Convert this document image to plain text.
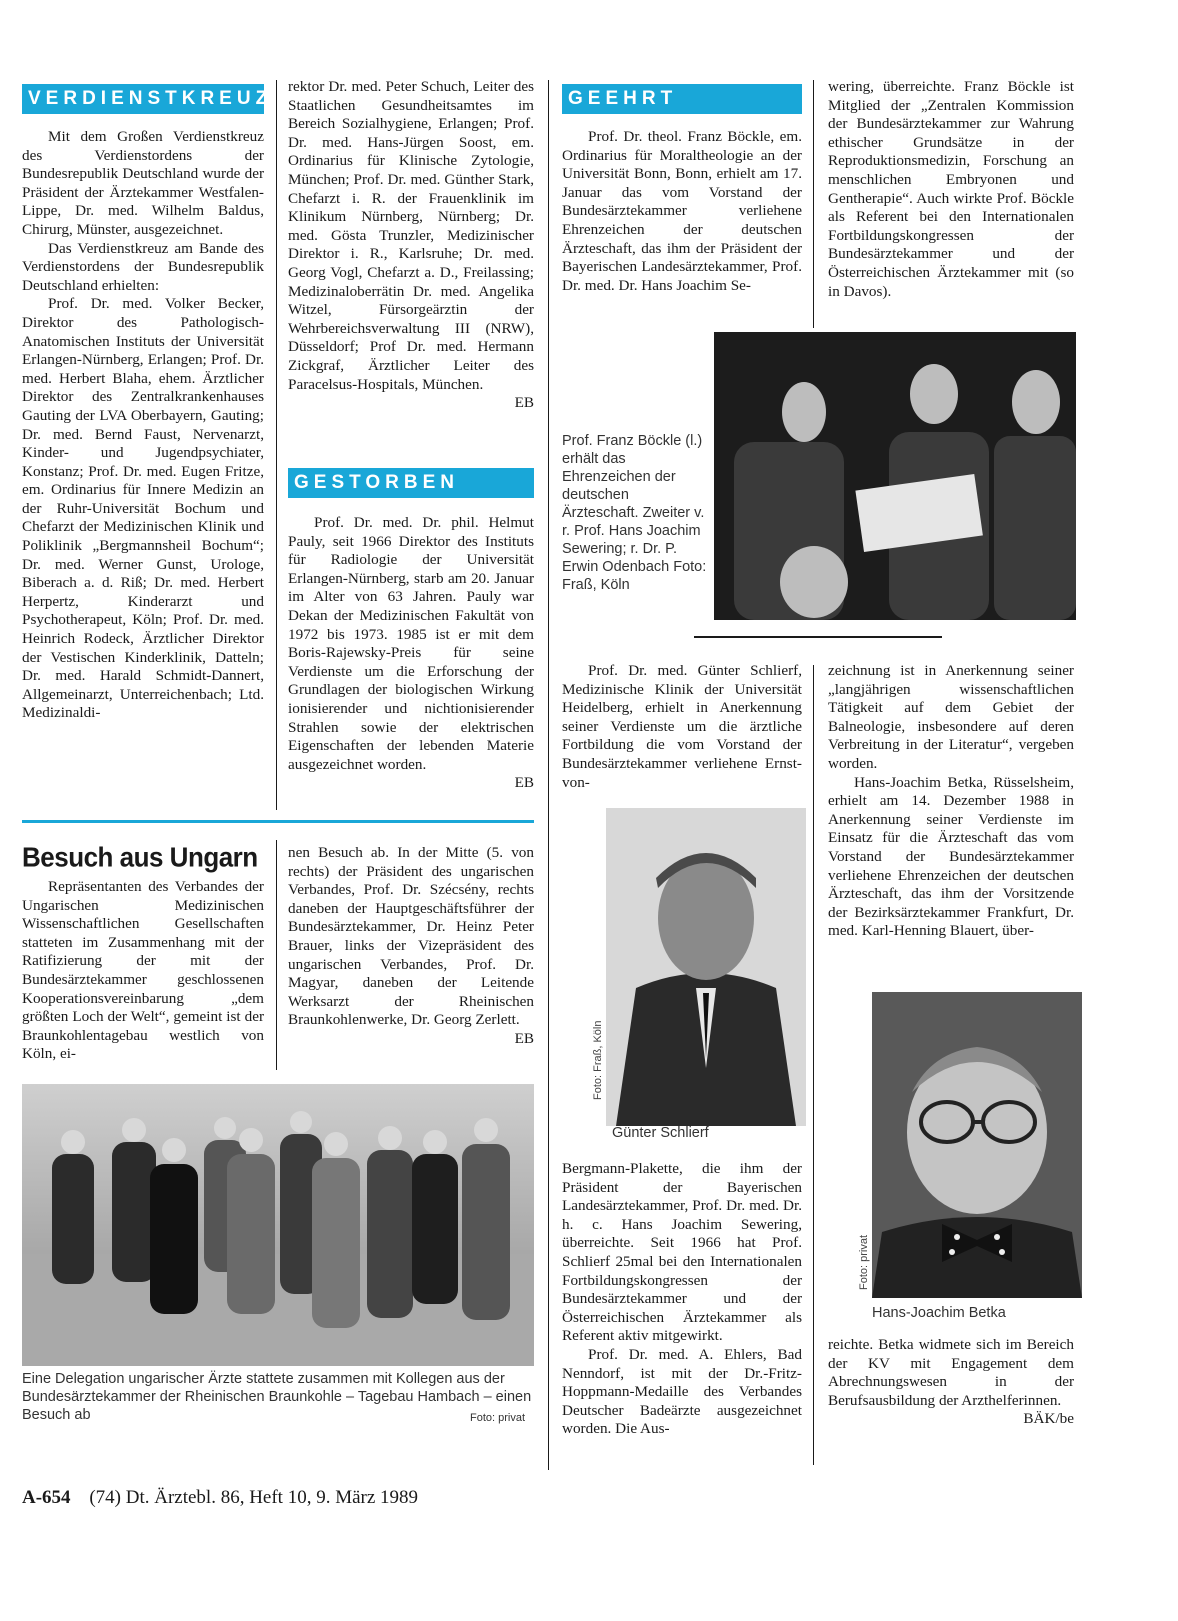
VERDIENSTKREUZ

Mit dem Großen Verdienstkreuz des Verdienstordens der Bundesrepublik Deutschland wurde der Präsident der Ärztekammer Westfalen-Lippe, Dr. med. Wilhelm Baldus, Chirurg, Münster, ausgezeichnet.

Das Verdienstkreuz am Bande des Verdienstordens der Bundesrepublik Deutschland erhielten:

Prof. Dr. med. Volker Becker, Direktor des Pathologisch-Anatomischen Instituts der Universität Erlangen-Nürnberg, Erlangen; Prof. Dr. med. Herbert Blaha, ehem. Ärztlicher Direktor des Zentralkrankenhauses Gauting der LVA Oberbayern, Gauting; Dr. med. Bernd Faust, Nervenarzt, Kinder- und Jugendpsychiater, Konstanz; Prof. Dr. med. Eugen Fritze, em. Ordinarius für Innere Medizin an der Ruhr-Universität Bochum und Chefarzt der Medizinischen Klinik und Poliklinik „Bergmannsheil Bochum“; Dr. med. Werner Gunst, Urologe, Biberach a. d. Riß; Dr. med. Herbert Herpertz, Kinderarzt und Psychotherapeut, Köln; Prof. Dr. med. Heinrich Rodeck, Ärztlicher Direktor der Vestischen Kinderklinik, Datteln; Dr. med. Harald Schmidt-Dannert, Allgemeinarzt, Unterreichenbach; Ltd. Medizinaldi-

rektor Dr. med. Peter Schuch, Leiter des Staatlichen Gesundheitsamtes im Bereich Sozialhygiene, Erlangen; Prof. Dr. med. Hans-Jürgen Soost, em. Ordinarius für Klinische Zytologie, München; Prof. Dr. med. Günther Stark, Chefarzt i. R. der Frauenklinik im Klinikum Nürnberg, Nürnberg; Dr. med. Gösta Trunzler, Medizinischer Direktor i. R., Karlsruhe; Dr. med. Georg Vogl, Chefarzt a. D., Freilassing; Medizinaloberrätin Dr. med. Angelika Witzel, Fürsorgeärztin der Wehrbereichsverwaltung III (NRW), Düsseldorf; Prof Dr. med. Hermann Zickgraf, Ärztlicher Leiter des Paracelsus-Hospitals, München.

EB

GESTORBEN

Prof. Dr. med. Dr. phil. Helmut Pauly, seit 1966 Direktor des Instituts für Radiologie der Universität Erlangen-Nürnberg, starb am 20. Januar im Alter von 63 Jahren. Pauly war Dekan der Medizinischen Fakultät von 1972 bis 1973. 1985 ist er mit dem Boris-Rajewsky-Preis für seine Verdienste um die Erforschung der Grundlagen der biologischen Wirkung ionisierender und nichtionisierender Strahlen sowie der elektrischen Eigenschaften der lebenden Materie ausgezeichnet worden.

EB

Besuch aus Ungarn

Repräsentanten des Verbandes der Ungarischen Medizinischen Wissenschaftlichen Gesellschaften statteten im Zusammenhang mit der Ratifizierung der mit der Bundesärztekammer geschlossenen Kooperationsvereinbarung „dem größten Loch der Welt“, gemeint ist der Braunkohlentagebau westlich von Köln, ei-

nen Besuch ab. In der Mitte (5. von rechts) der Präsident des ungarischen Verbandes, Prof. Dr. Szécsény, rechts daneben der Hauptgeschäftsführer der Bundesärztekammer, Dr. Heinz Peter Brauer, links der Vizepräsident des ungarischen Verbandes, Prof. Dr. Magyar, daneben der Leitende Werksarzt der Rheinischen Braunkohlenwerke, Dr. Georg Zerlett.

EB

Eine Delegation ungarischer Ärzte stattete zusammen mit Kollegen aus der Bundesärztekammer der Rheinischen Braunkohle – Tagebau Hambach – einen Besuch ab	Foto: privat
GEEHRT

Prof. Dr. theol. Franz Böckle, em. Ordinarius für Moraltheologie an der Universität Bonn, Bonn, erhielt am 17. Januar das vom Vorstand der Bundesärztekammer verliehene Ehrenzeichen der deutschen Ärzteschaft, das ihm der Präsident der Bayerischen Landesärztekammer, Prof. Dr. med. Dr. Hans Joachim Se-

wering, überreichte. Franz Böckle ist Mitglied der „Zentralen Kommission der Bundesärztekammer zur Wahrung ethischer Grundsätze in der Reproduktionsmedizin, Forschung an menschlichen Embryonen und Gentherapie“. Auch wirkte Prof. Böckle als Referent bei den Internationalen Fortbildungskongressen der Bundesärztekammer und der Österreichischen Ärztekammer mit (so in Davos).

Prof. Franz Böckle (l.) erhält das Ehrenzeichen der deutschen Ärzteschaft. Zweiter v. r. Prof. Hans Joachim Sewering; r. Dr. P. Erwin Odenbach Foto: Fraß, Köln

Prof. Dr. med. Günter Schlierf, Medizinische Klinik der Universität Heidelberg, erhielt in Anerkennung seiner Verdienste um die ärztliche Fortbildung die vom Vorstand der Bundesärztekammer verliehene Ernst-von-

Foto: Fraß, Köln
Günter Schlierf

Bergmann-Plakette, die ihm der Präsident der Bayerischen Landesärztekammer, Prof. Dr. med. Dr. h. c. Hans Joachim Sewering, überreichte. Seit 1966 hat Prof. Schlierf 25mal bei den Internationalen Fortbildungskongressen der Bundesärztekammer und der Österreichischen Ärztekammer als Referent aktiv mitgewirkt.

Prof. Dr. med. A. Ehlers, Bad Nenndorf, ist mit der Dr.-Fritz-Hoppmann-Medaille des Verbandes Deutscher Badeärzte ausgezeichnet worden. Die Aus-

zeichnung ist in Anerkennung seiner „langjährigen wissenschaftlichen Tätigkeit auf dem Gebiet der Balneologie, insbesondere auf deren Verbreitung in der Literatur“, vergeben worden.

Hans-Joachim Betka, Rüsselsheim, erhielt am 14. Dezember 1988 in Anerkennung seiner Verdienste im Einsatz für die Ärzteschaft das vom Vorstand der Bundesärztekammer verliehene Ehrenzeichen der deutschen Ärzteschaft, das ihm der Vorsitzende der Bezirksärztekammer Frankfurt, Dr. med. Karl-Henning Blauert, über-

Foto: privat
Hans-Joachim Betka

reichte. Betka widmete sich im Bereich der KV mit Engagement dem Abrechnungswesen in der Berufsausbildung der Arzthelferinnen.

BÄK/be

A-654 (74) Dt. Ärztebl. 86, Heft 10, 9. März 1989
